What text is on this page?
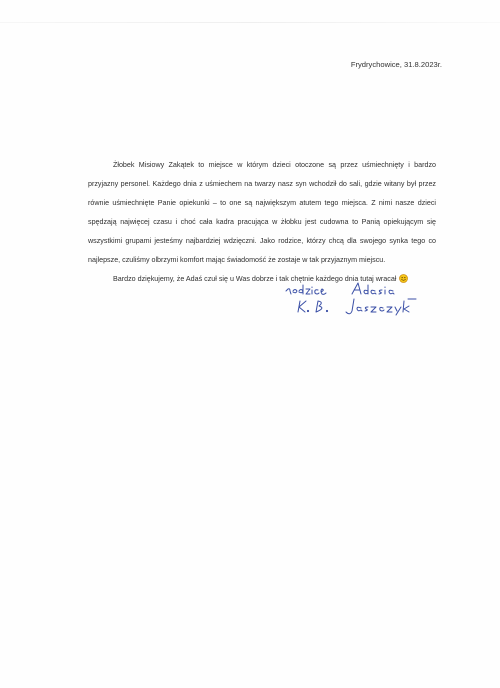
Frydrychowice, 31.8.2023r.

Żłobek Misiowy Zakątek to miejsce w którym dzieci otoczone są przez uśmiechnięty i bardzo przyjazny personel. Każdego dnia z uśmiechem na twarzy nasz syn wchodził do sali, gdzie witany był przez równie uśmiechnięte Panie opiekunki – to one są największym atutem tego miejsca. Z nimi nasze dzieci spędzają najwięcej czasu i choć cała kadra pracująca w żłobku jest cudowna to Panią opiekującym się wszystkimi grupami jesteśmy najbardziej wdzięczni. Jako rodzice, którzy chcą dla swojego synka tego co najlepsze, czuliśmy olbrzymi komfort mając świadomość że zostaje w tak przyjaznym miejscu.

Bardzo dziękujemy, że Adaś czuł się u Was dobrze i tak chętnie każdego dnia tutaj wracał
